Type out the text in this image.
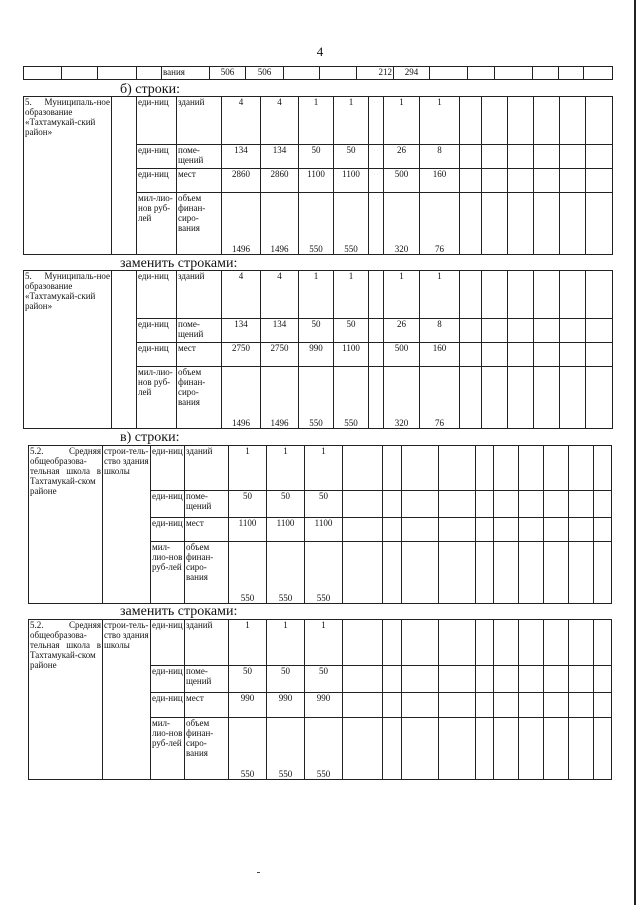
4
				вания	506	506			212	294						
б) строки:
5. Муниципаль-ное образование «Тахтамукай-ский район»		еди-ниц	зданий	4	4	1	1		1	1						
		еди-ниц	поме-щений	134	134	50	50		26	8						
		еди-ниц	мест	2860	2860	1100	1100		500	160						
		мил-лио-нов руб-лей	объем финан-сиро-вания	1496	1496	550	550		320	76						
заменить строками:
5. Муниципаль-ное образование «Тахтамукай-ский район»		еди-ниц	зданий	4	4	1	1		1	1						
		еди-ниц	поме-щений	134	134	50	50		26	8						
		еди-ниц	мест	2750	2750	990	1100		500	160						
		мил-лио-нов руб-лей	объем финан-сиро-вания	1496	1496	550	550		320	76						
в) строки:
5.2. Средняя общеобразова-тельная школа в Тахтамукай-ском районе	строи-тель-ство здания школы	еди-ниц	зданий	1	1	1										
		еди-ниц	поме-щений	50	50	50										
		еди-ниц	мест	1100	1100	1100										
		мил-лио-нов руб-лей	объем финан-сиро-вания	550	550	550										
заменить строками:
5.2. Средняя общеобразова-тельная школа в Тахтамукай-ском районе	строи-тель-ство здания школы	еди-ниц	зданий	1	1	1										
		еди-ниц	поме-щений	50	50	50										
		еди-ниц	мест	990	990	990										
		мил-лио-нов руб-лей	объем финан-сиро-вания	550	550	550										
